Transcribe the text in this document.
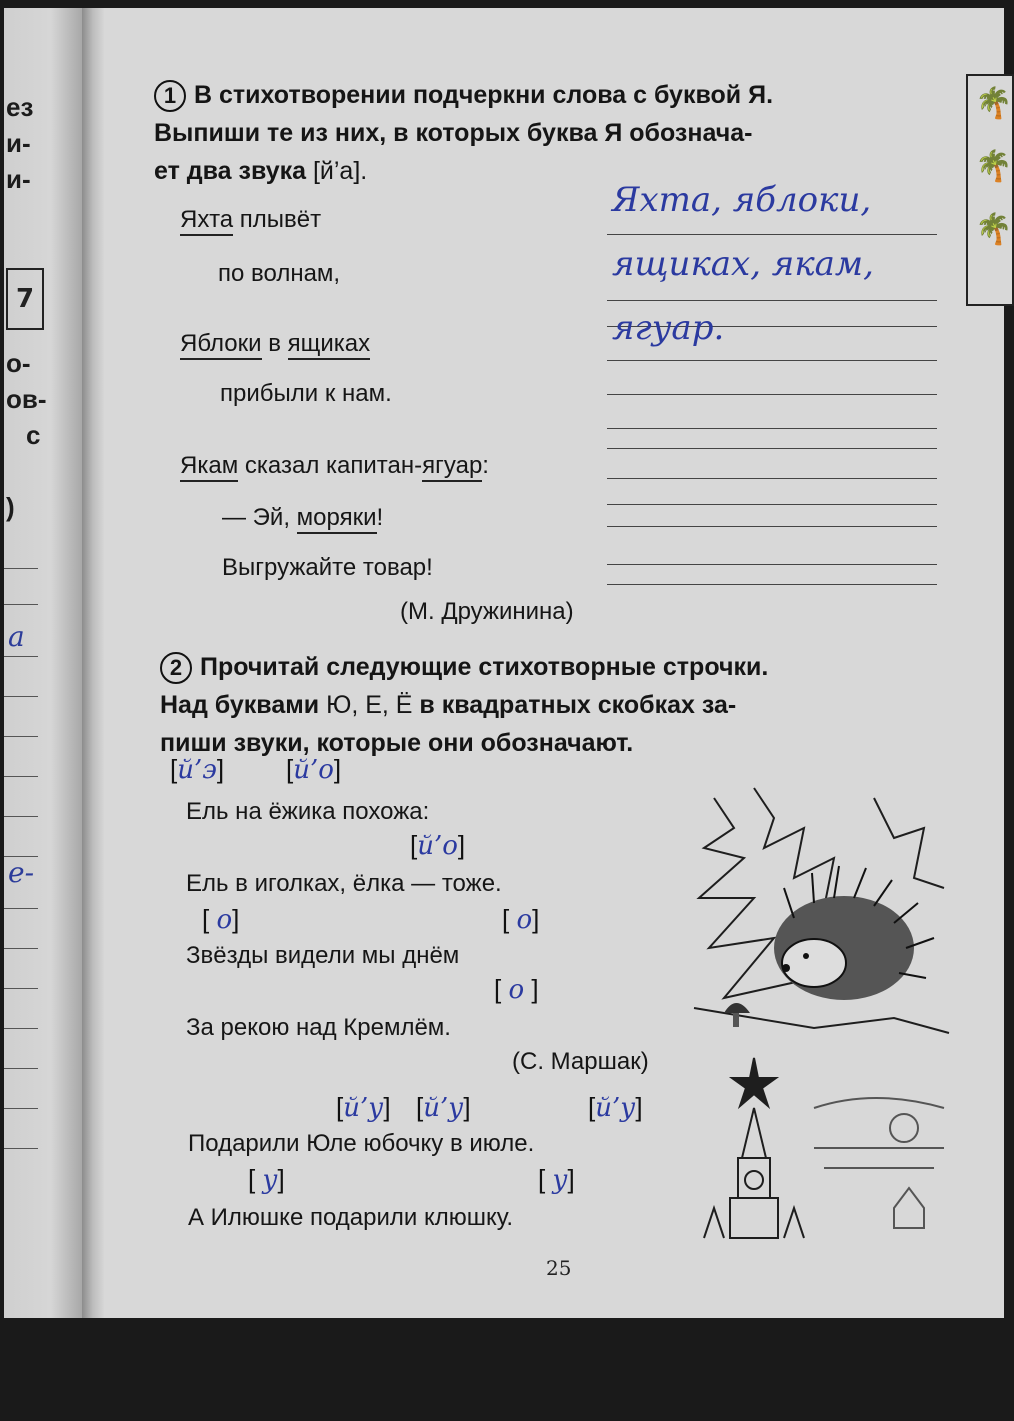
ез
и-
и-
7
о-
ов-
с
)
а
е-
🌴
🌴
🌴
1 В стихотворении подчеркни слова с буквой Я.
Выпиши те из них, в которых буква Я обознача-
ет два звука [й’а].
Яхта плывёт
по волнам,
Яблоки в ящиках
прибыли к нам.
Якам сказал капитан-ягуар:
— Эй, моряки!
Выгружайте товар!
(М. Дружинина)
Яхта, яблоки,
ящиках, якам,
ягуар.
2 Прочитай следующие стихотворные строчки.
Над буквами Ю, Е, Ё в квадратных скобках за-
пиши звуки, которые они обозначают.
[й’э] [й’о]
Ель на ёжика похожа:
[й’о]
Ель в иголках, ёлка — тоже.
[ о]	[ о]
Звёзды видели мы днём
[ о ]
За рекою над Кремлём.
(С. Маршак)
[й’у] [й’у]	[й’у]
Подарили Юле юбочку в июле.
[ у]	[ у]
А Илюшке подарили клюшку.
25
